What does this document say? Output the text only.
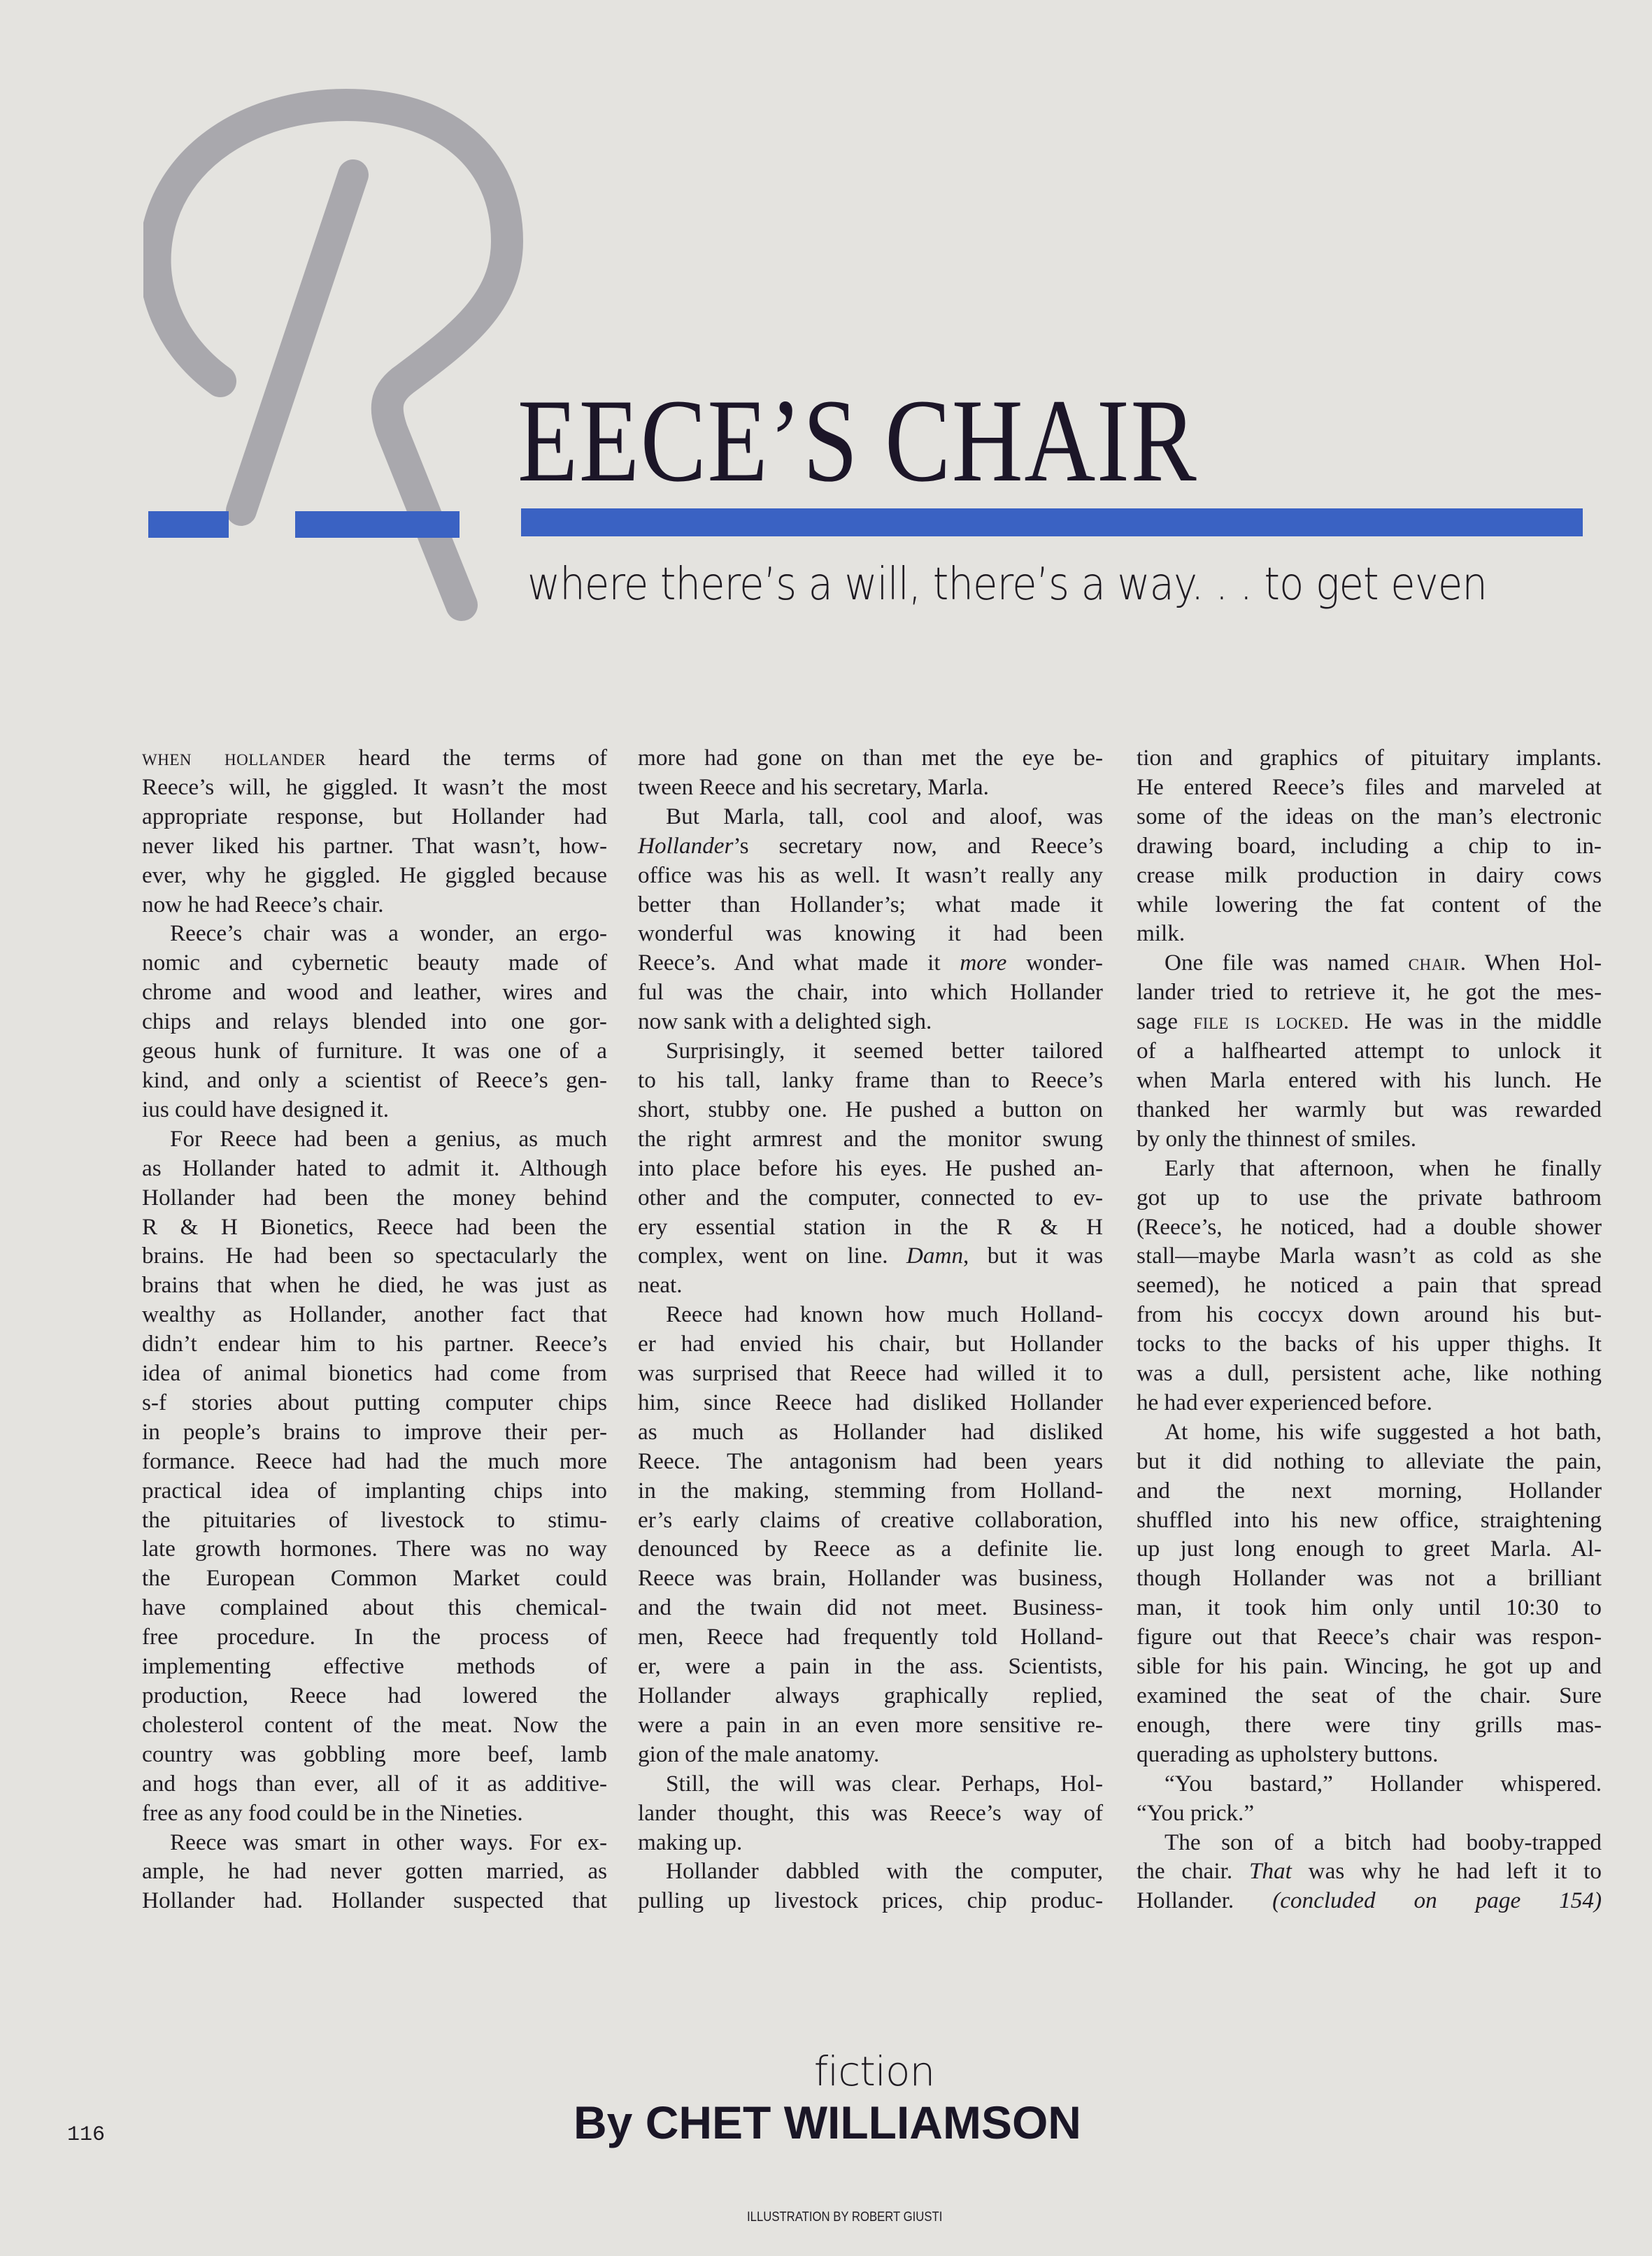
EECE’S CHAIR
where there’s a will, there’s a way. . . to get even
when hollander heard the terms of
Reece’s will, he giggled. It wasn’t the most
appropriate response, but Hollander had
never liked his partner. That wasn’t, how-
ever, why he giggled. He giggled because
now he had Reece’s chair.
Reece’s chair was a wonder, an ergo-
nomic and cybernetic beauty made of
chrome and wood and leather, wires and
chips and relays blended into one gor-
geous hunk of furniture. It was one of a
kind, and only a scientist of Reece’s gen-
ius could have designed it.
For Reece had been a genius, as much
as Hollander hated to admit it. Although
Hollander had been the money behind
R & H Bionetics, Reece had been the
brains. He had been so spectacularly the
brains that when he died, he was just as
wealthy as Hollander, another fact that
didn’t endear him to his partner. Reece’s
idea of animal bionetics had come from
s-f stories about putting computer chips
in people’s brains to improve their per-
formance. Reece had had the much more
practical idea of implanting chips into
the pituitaries of livestock to stimu-
late growth hormones. There was no way
the European Common Market could
have complained about this chemical-
free procedure. In the process of
implementing effective methods of
production, Reece had lowered the
cholesterol content of the meat. Now the
country was gobbling more beef, lamb
and hogs than ever, all of it as additive-
free as any food could be in the Nineties.
Reece was smart in other ways. For ex-
ample, he had never gotten married, as
Hollander had. Hollander suspected that
more had gone on than met the eye be-
tween Reece and his secretary, Marla.
But Marla, tall, cool and aloof, was
Hollander’s secretary now, and Reece’s
office was his as well. It wasn’t really any
better than Hollander’s; what made it
wonderful was knowing it had been
Reece’s. And what made it more wonder-
ful was the chair, into which Hollander
now sank with a delighted sigh.
Surprisingly, it seemed better tailored
to his tall, lanky frame than to Reece’s
short, stubby one. He pushed a button on
the right armrest and the monitor swung
into place before his eyes. He pushed an-
other and the computer, connected to ev-
ery essential station in the R & H
complex, went on line. Damn, but it was
neat.
Reece had known how much Holland-
er had envied his chair, but Hollander
was surprised that Reece had willed it to
him, since Reece had disliked Hollander
as much as Hollander had disliked
Reece. The antagonism had been years
in the making, stemming from Holland-
er’s early claims of creative collaboration,
denounced by Reece as a definite lie.
Reece was brain, Hollander was business,
and the twain did not meet. Business-
men, Reece had frequently told Holland-
er, were a pain in the ass. Scientists,
Hollander always graphically replied,
were a pain in an even more sensitive re-
gion of the male anatomy.
Still, the will was clear. Perhaps, Hol-
lander thought, this was Reece’s way of
making up.
Hollander dabbled with the computer,
pulling up livestock prices, chip produc-
tion and graphics of pituitary implants.
He entered Reece’s files and marveled at
some of the ideas on the man’s electronic
drawing board, including a chip to in-
crease milk production in dairy cows
while lowering the fat content of the
milk.
One file was named chair. When Hol-
lander tried to retrieve it, he got the mes-
sage file is locked. He was in the middle
of a halfhearted attempt to unlock it
when Marla entered with his lunch. He
thanked her warmly but was rewarded
by only the thinnest of smiles.
Early that afternoon, when he finally
got up to use the private bathroom
(Reece’s, he noticed, had a double shower
stall—maybe Marla wasn’t as cold as she
seemed), he noticed a pain that spread
from his coccyx down around his but-
tocks to the backs of his upper thighs. It
was a dull, persistent ache, like nothing
he had ever experienced before.
At home, his wife suggested a hot bath,
but it did nothing to alleviate the pain,
and the next morning, Hollander
shuffled into his new office, straightening
up just long enough to greet Marla. Al-
though Hollander was not a brilliant
man, it took him only until 10:30 to
figure out that Reece’s chair was respon-
sible for his pain. Wincing, he got up and
examined the seat of the chair. Sure
enough, there were tiny grills mas-
querading as upholstery buttons.
“You bastard,” Hollander whispered.
“You prick.”
The son of a bitch had booby-trapped
the chair. That was why he had left it to
Hollander. (concluded on page 154)
fiction
By CHET WILLIAMSON
116
ILLUSTRATION BY ROBERT GIUSTI
